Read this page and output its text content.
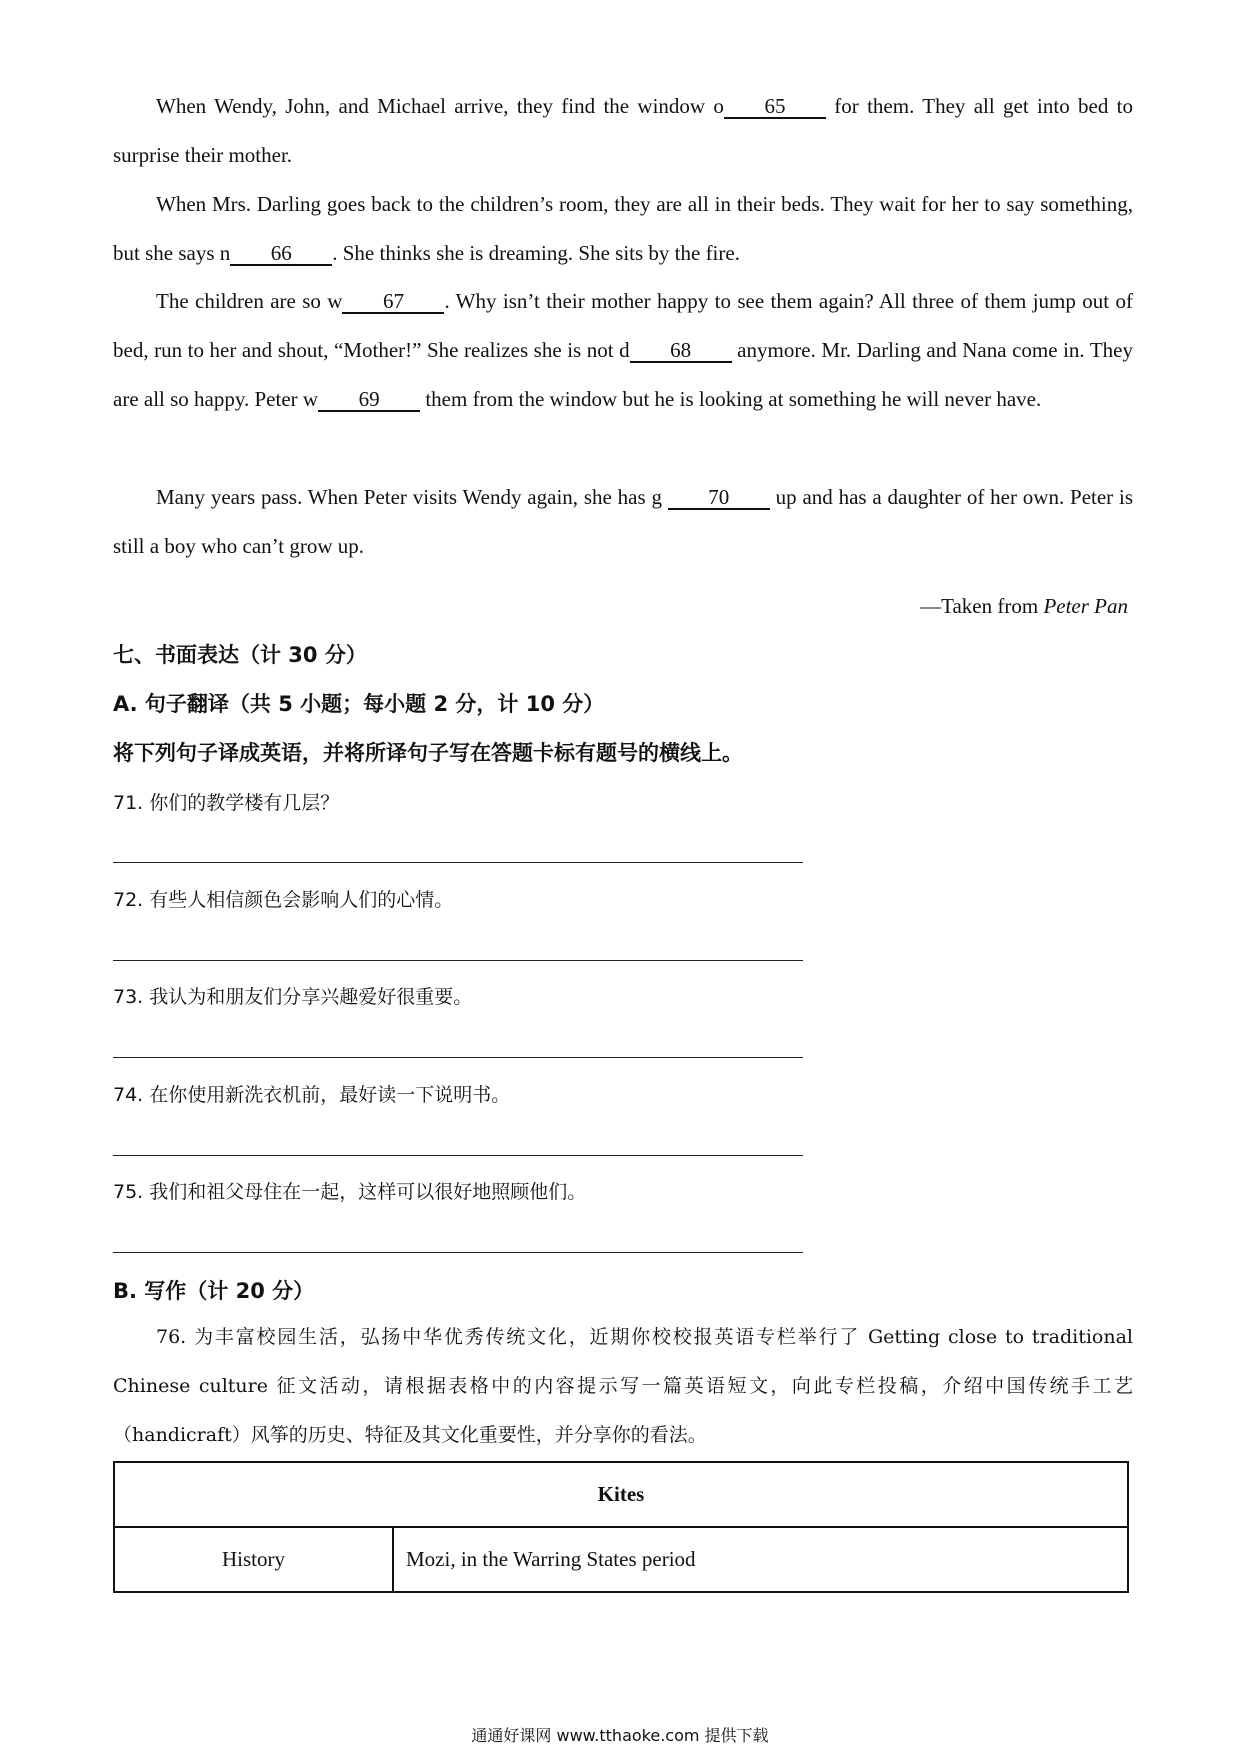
When Wendy, John, and Michael arrive, they find the window o 65 for them. They all get into bed to surprise their mother.
When Mrs. Darling goes back to the children’s room, they are all in their beds. They wait for her to say something, but she says n 66 . She thinks she is dreaming. She sits by the fire.
The children are so w 67 . Why isn’t their mother happy to see them again? All three of them jump out of bed, run to her and shout, “Mother!” She realizes she is not d 68 anymore. Mr. Darling and Nana come in. They are all so happy. Peter w 69 them from the window but he is looking at something he will never have.
Many years pass. When Peter visits Wendy again, she has g 70 up and has a daughter of her own. Peter is still a boy who can’t grow up.
—Taken from Peter Pan
七、书面表达（计 30 分）
A. 句子翻译（共 5 小题；每小题 2 分，计 10 分）
将下列句子译成英语，并将所译句子写在答题卡标有题号的横线上。
71. 你们的教学楼有几层？
72. 有些人相信颜色会影响人们的心情。
73. 我认为和朋友们分享兴趣爱好很重要。
74. 在你使用新洗衣机前，最好读一下说明书。
75. 我们和祖父母住在一起，这样可以很好地照顾他们。
B. 写作（计 20 分）
76. 为丰富校园生活，弘扬中华优秀传统文化，近期你校校报英语专栏举行了 Getting close to traditional Chinese culture 征文活动，请根据表格中的内容提示写一篇英语短文，向此专栏投稿，介绍中国传统手工艺（handicraft）风筝的历史、特征及其文化重要性，并分享你的看法。
Kites
History	Mozi, in the Warring States period
通通好课网 www.tthaoke.com 提供下载
